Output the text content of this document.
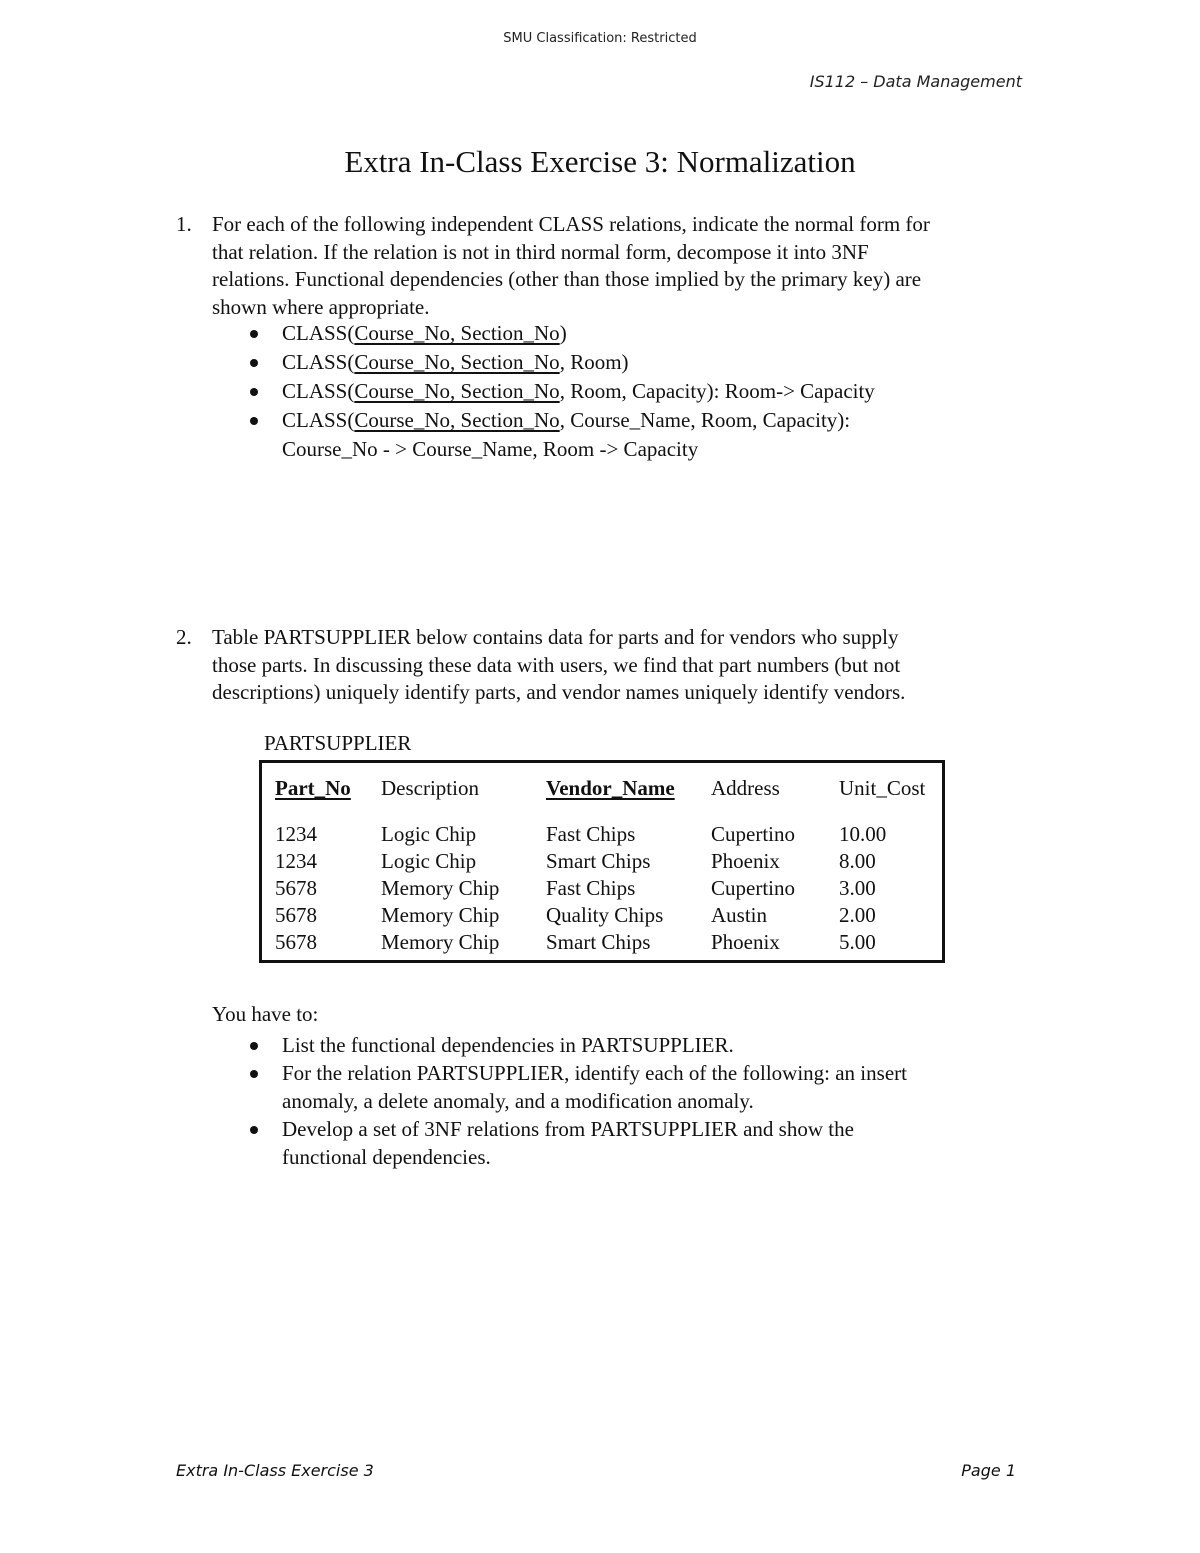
SMU Classification: Restricted
IS112 – Data Management
Extra In-Class Exercise 3: Normalization
1. For each of the following independent CLASS relations, indicate the normal form for
that relation. If the relation is not in third normal form, decompose it into 3NF
relations. Functional dependencies (other than those implied by the primary key) are
shown where appropriate.
CLASS(Course_No, Section_No)
CLASS(Course_No, Section_No, Room)
CLASS(Course_No, Section_No, Room, Capacity): Room-> Capacity
CLASS(Course_No, Section_No, Course_Name, Room, Capacity):
Course_No - > Course_Name, Room -> Capacity
2. Table PARTSUPPLIER below contains data for parts and for vendors who supply
those parts. In discussing these data with users, we find that part numbers (but not
descriptions) uniquely identify parts, and vendor names uniquely identify vendors.
PARTSUPPLIER
Part_No	Description	Vendor_Name	Address	Unit_Cost
1234	Logic Chip	Fast Chips	Cupertino	10.00
1234	Logic Chip	Smart Chips	Phoenix	8.00
5678	Memory Chip	Fast Chips	Cupertino	3.00
5678	Memory Chip	Quality Chips	Austin	2.00
5678	Memory Chip	Smart Chips	Phoenix	5.00
You have to:
List the functional dependencies in PARTSUPPLIER.
For the relation PARTSUPPLIER, identify each of the following: an insert
anomaly, a delete anomaly, and a modification anomaly.
Develop a set of 3NF relations from PARTSUPPLIER and show the
functional dependencies.
Extra In-Class Exercise 3	Page 1
